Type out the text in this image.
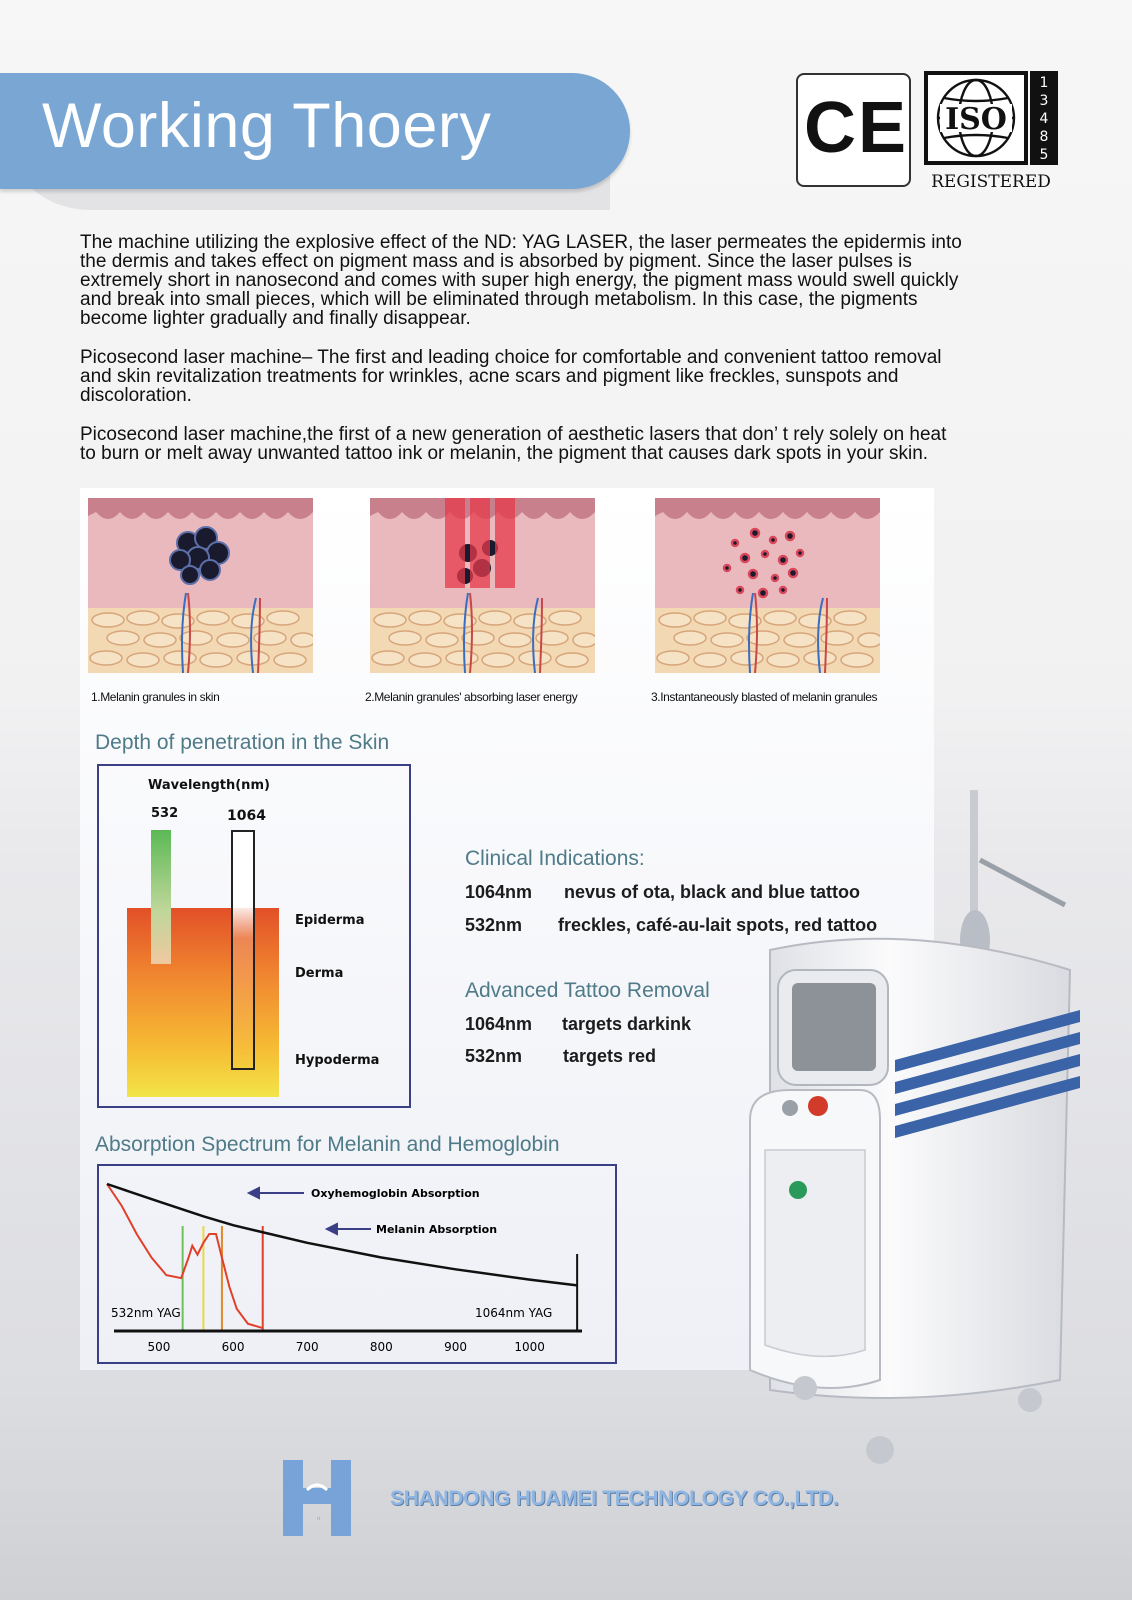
Working Thoery	CE ISO
1
3
4
8
5
REGISTERED
The machine utilizing the explosive effect of the ND: YAG LASER, the laser permeates the epidermis into
the dermis and takes effect on pigment mass and is absorbed by pigment. Since the laser pulses is
extremely short in nanosecond and comes with super high energy, the pigment mass would swell quickly
and break into small pieces, which will be eliminated through metabolism. In this case, the pigments
become lighter gradually and finally disappear.
Picosecond laser machine– The first and leading choice for comfortable and convenient tattoo removal
and skin revitalization treatments for wrinkles, acne scars and pigment like freckles, sunspots and
discoloration.
Picosecond laser machine,the first of a new generation of aesthetic lasers that don’ t rely solely on heat
to burn or melt away unwanted tattoo ink or melanin, the pigment that causes dark spots in your skin.
1.Melanin granules in skin	2.Melanin granules' absorbing laser energy	3.Instantaneously blasted of melanin granules
Depth of penetration in the Skin
Wavelength(nm)
532	1064
Epiderma
Derma
Hypoderma
Clinical Indications:
1064nm nevus of ota, black and blue tattoo
532nm freckles, café-au-lait spots, red tattoo
Advanced Tattoo Removal
1064nm targets darkink
532nm targets red
Absorption Spectrum for Melanin and Hemoglobin
Oxyhemoglobin Absorption
Melanin Absorption
532nm YAG	1064nm YAG
500	600	700	800	900	1000
H
SHANDONG HUAMEI TECHNOLOGY CO.,LTD.
